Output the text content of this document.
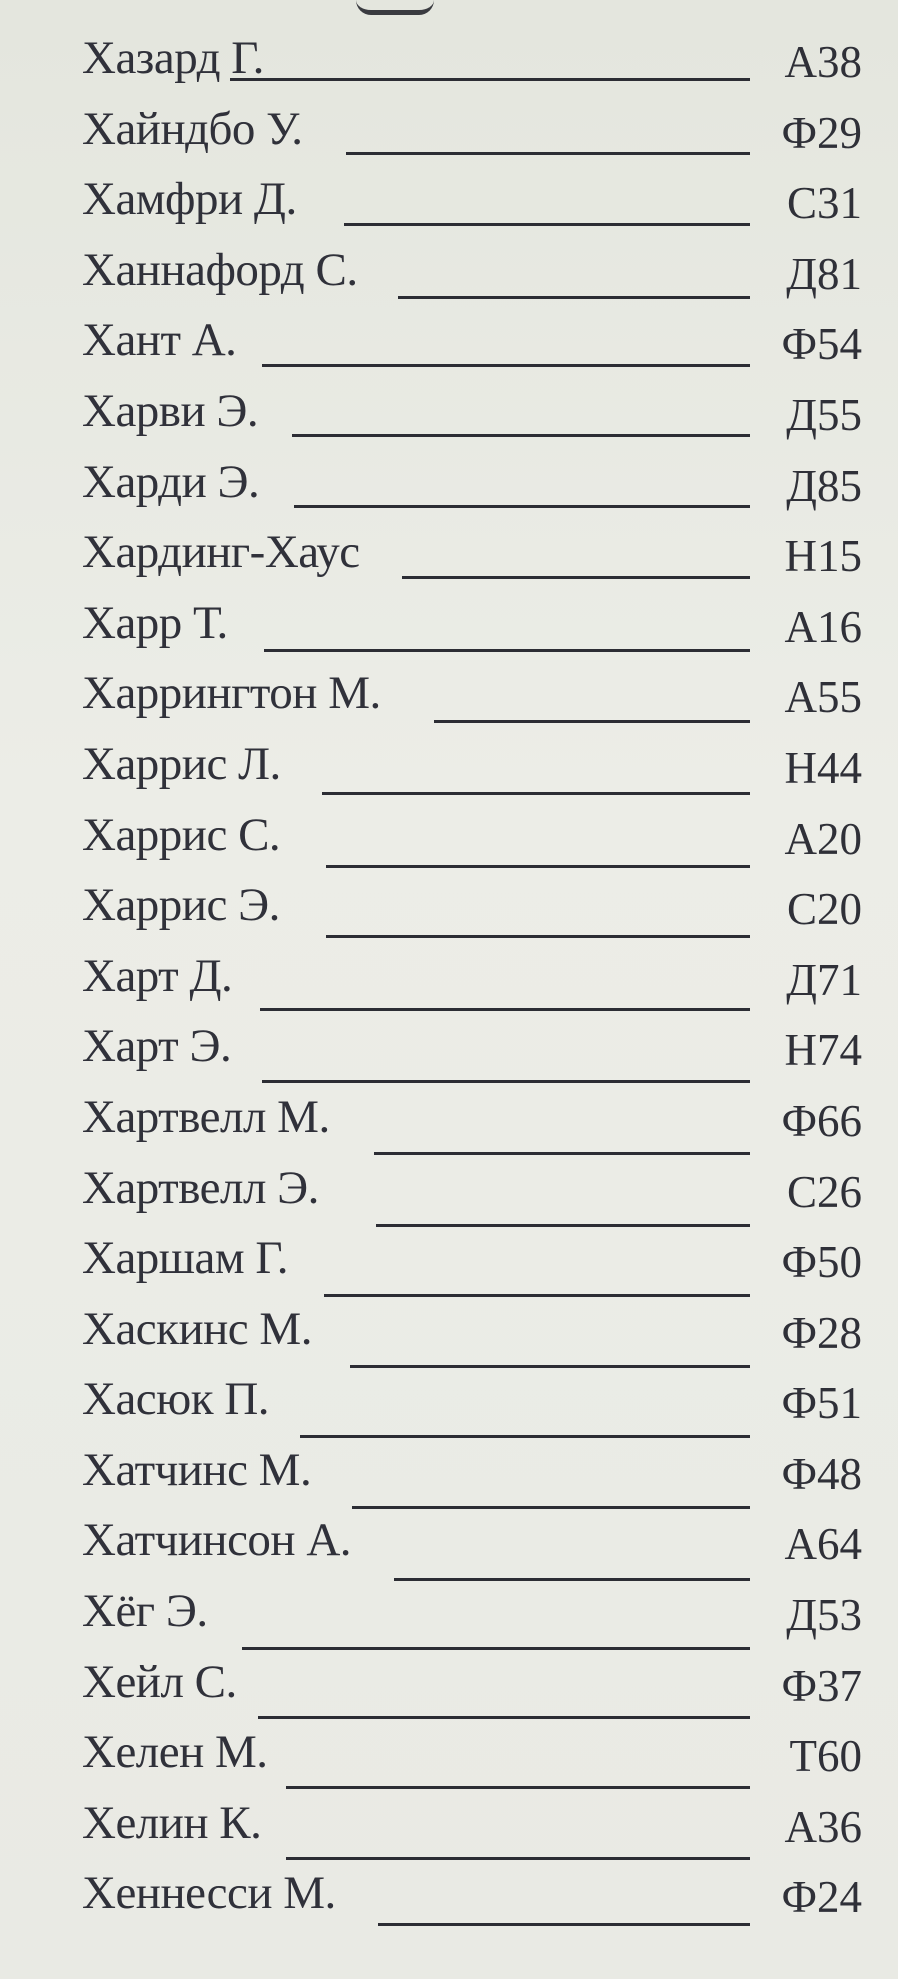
Хазард Г.	А38
Хайндбо У.	Ф29
Хамфри Д.	С31
Ханнафорд С.	Д81
Хант А.	Ф54
Харви Э.	Д55
Харди Э.	Д85
Хардинг-Хаус	Н15
Харр Т.	А16
Харрингтон М.	А55
Харрис Л.	Н44
Харрис С.	А20
Харрис Э.	С20
Харт Д.	Д71
Харт Э.	Н74
Хартвелл М.	Ф66
Хартвелл Э.	С26
Харшам Г.	Ф50
Хаскинс М.	Ф28
Хасюк П.	Ф51
Хатчинс М.	Ф48
Хатчинсон А.	А64
Хёг Э.	Д53
Хейл С.	Ф37
Хелен М.	Т60
Хелин К.	А36
Хеннесси М.	Ф24
